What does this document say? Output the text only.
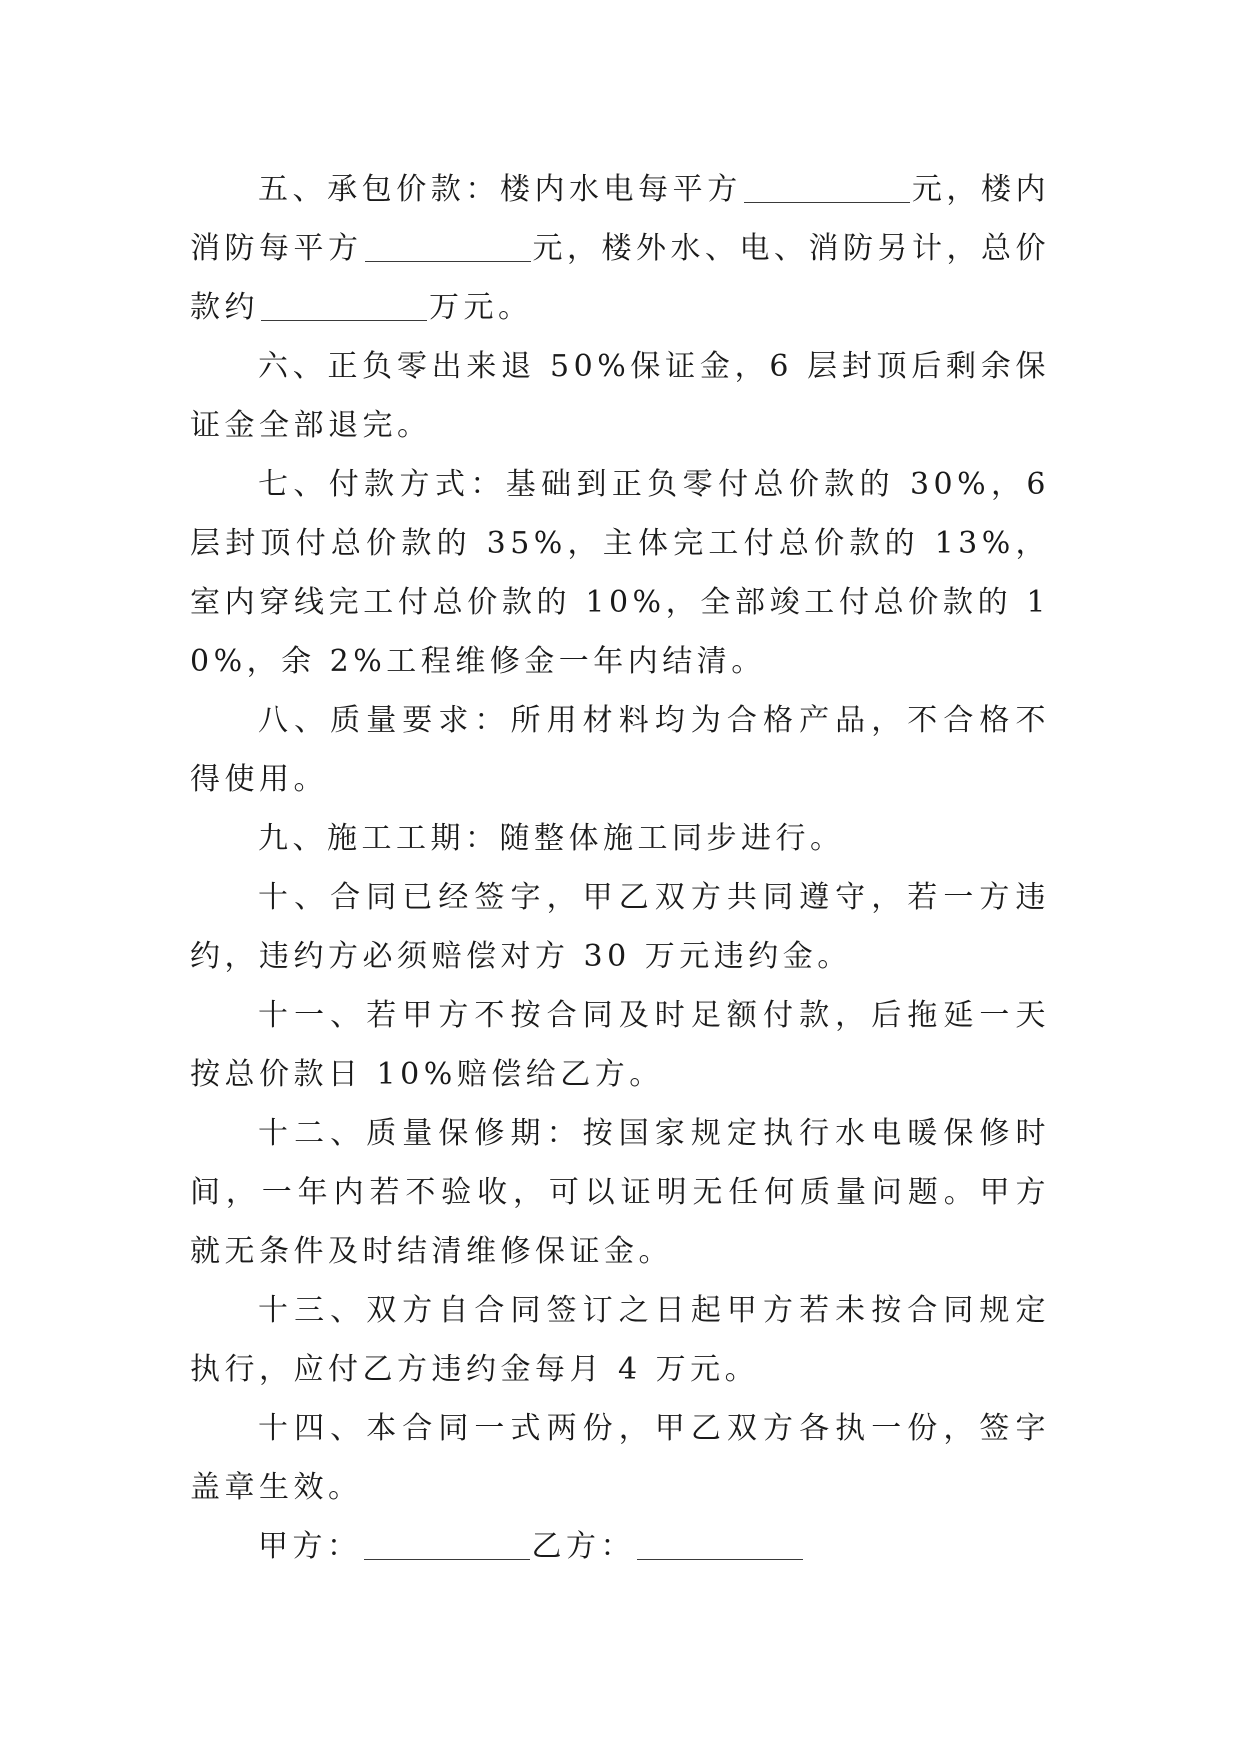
五、承包价款：楼内水电每平方	元，楼内消防每平方	元，楼外水、电、消防另计，总价款约	万元。

六、正负零出来退 50%保证金，6 层封顶后剩余保证金全部退完。

七、付款方式：基础到正负零付总价款的 30%，6 层封顶付总价款的 35%，主体完工付总价款的 13%，室内穿线完工付总价款的 10%，全部竣工付总价款的 10%，余 2%工程维修金一年内结清。

八、质量要求：所用材料均为合格产品，不合格不得使用。

九、施工工期：随整体施工同步进行。

十、合同已经签字，甲乙双方共同遵守，若一方违约，违约方必须赔偿对方 30 万元违约金。

十一、若甲方不按合同及时足额付款，后拖延一天按总价款日 10%赔偿给乙方。

十二、质量保修期：按国家规定执行水电暖保修时间，一年内若不验收，可以证明无任何质量问题。甲方就无条件及时结清维修保证金。

十三、双方自合同签订之日起甲方若未按合同规定执行，应付乙方违约金每月 4 万元。

十四、本合同一式两份，甲乙双方各执一份，签字盖章生效。

甲方：	乙方：
